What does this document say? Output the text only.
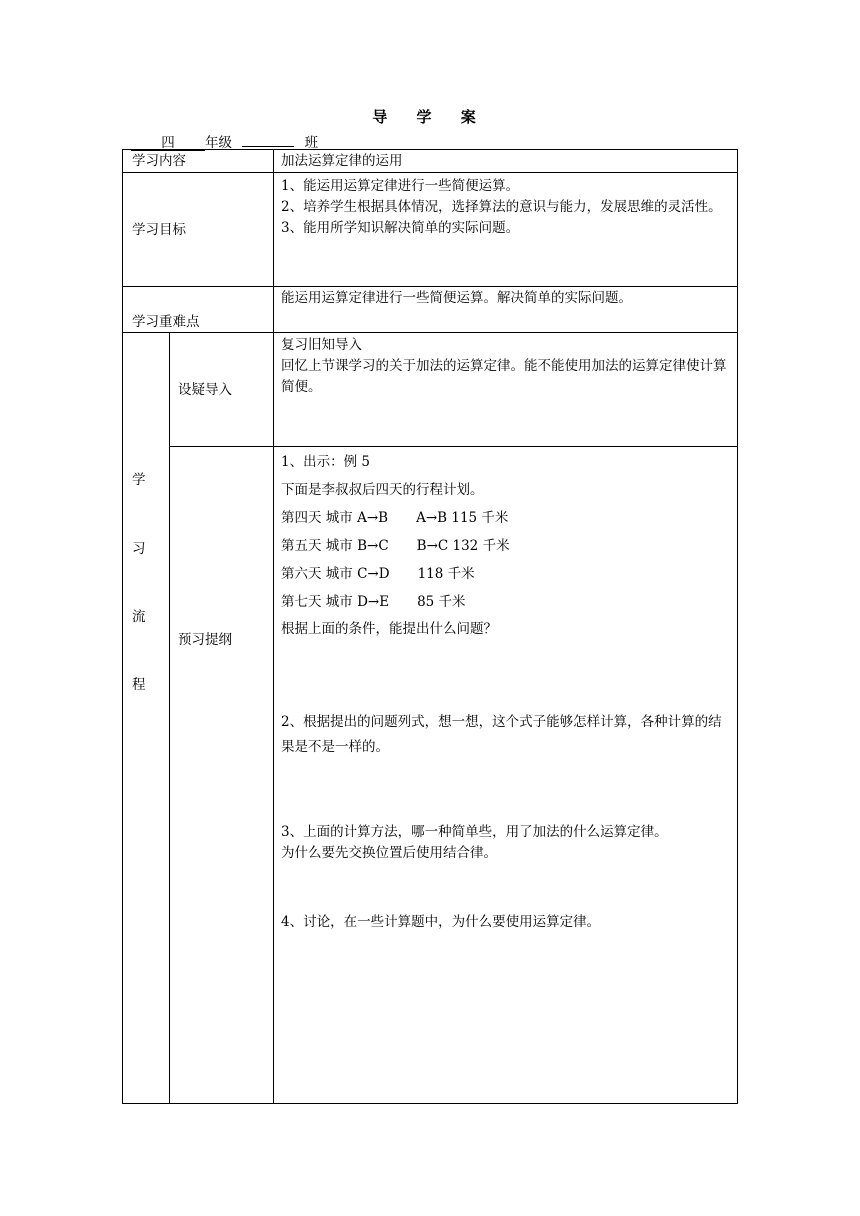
导 学 案
四 年级	班
学习内容	加法运算定律的运用
学习目标

1、能运用运算定律进行一些简便运算。

2、培养学生根据具体情况，选择算法的意识与能力，发展思维的灵活性。

3、能用所学知识解决简单的实际问题。

学习重难点
能运用运算定律进行一些简便运算。解决简单的实际问题。
学
习
流
程
设疑导入

复习旧知导入

回忆上节课学习的关于加法的运算定律。能不能使用加法的运算定律使计算简便。

预习提纲
1、出示：例 5
下面是李叔叔后四天的行程计划。
第四天 城市 A→B A→B 115 千米
第五天 城市 B→C B→C 132 千米
第六天 城市 C→D 118 千米
第七天 城市 D→E 85 千米
根据上面的条件，能提出什么问题？
2、根据提出的问题列式，想一想，这个式子能够怎样计算，各种计算的结果是不是一样的。

3、上面的计算方法，哪一种简单些，用了加法的什么运算定律。

为什么要先交换位置后使用结合律。

4、讨论，在一些计算题中，为什么要使用运算定律。
